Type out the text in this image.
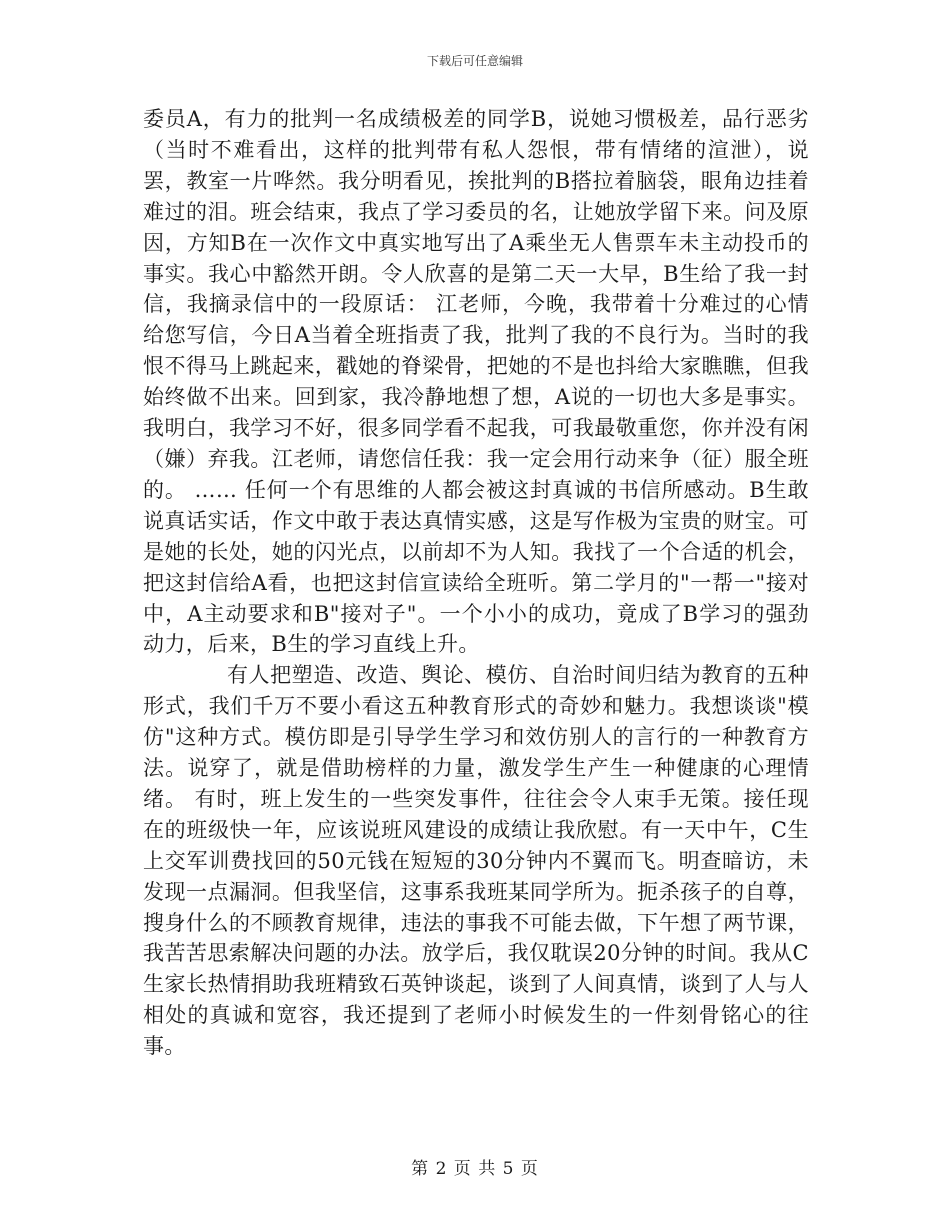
下载后可任意编辑

委员A，有力的批判一名成绩极差的同学B，说她习惯极差，品行恶劣（当时不难看出，这样的批判带有私人怨恨，带有情绪的渲泄），说罢，教室一片哗然。我分明看见，挨批判的B搭拉着脑袋，眼角边挂着难过的泪。班会结束，我点了学习委员的名，让她放学留下来。问及原因，方知B在一次作文中真实地写出了A乘坐无人售票车未主动投币的事实。我心中豁然开朗。令人欣喜的是第二天一大早，B生给了我一封信，我摘录信中的一段原话： 江老师，今晚，我带着十分难过的心情给您写信，今日A当着全班指责了我，批判了我的不良行为。当时的我恨不得马上跳起来，戳她的脊梁骨，把她的不是也抖给大家瞧瞧，但我始终做不出来。回到家，我冷静地想了想，A说的一切也大多是事实。我明白，我学习不好，很多同学看不起我，可我最敬重您，你并没有闲（嫌）弃我。江老师，请您信任我：我一定会用行动来争（征）服全班的。 …… 任何一个有思维的人都会被这封真诚的书信所感动。B生敢说真话实话，作文中敢于表达真情实感，这是写作极为宝贵的财宝。可是她的长处，她的闪光点，以前却不为人知。我找了一个合适的机会，把这封信给A看，也把这封信宣读给全班听。第二学月的"一帮一"接对中，A主动要求和B"接对子"。一个小小的成功，竟成了B学习的强劲动力，后来，B生的学习直线上升。

有人把塑造、改造、舆论、模仿、自治时间归结为教育的五种形式，我们千万不要小看这五种教育形式的奇妙和魅力。我想谈谈"模仿"这种方式。模仿即是引导学生学习和效仿别人的言行的一种教育方法。说穿了，就是借助榜样的力量，激发学生产生一种健康的心理情绪。 有时，班上发生的一些突发事件，往往会令人束手无策。接任现在的班级快一年，应该说班风建设的成绩让我欣慰。有一天中午，C生上交军训费找回的50元钱在短短的30分钟内不翼而飞。明查暗访，未发现一点漏洞。但我坚信，这事系我班某同学所为。扼杀孩子的自尊，搜身什么的不顾教育规律，违法的事我不可能去做，下午想了两节课，我苦苦思索解决问题的办法。放学后，我仅耽误20分钟的时间。我从C生家长热情捐助我班精致石英钟谈起，谈到了人间真情，谈到了人与人相处的真诚和宽容，我还提到了老师小时候发生的一件刻骨铭心的往事。

第 2 页 共 5 页
